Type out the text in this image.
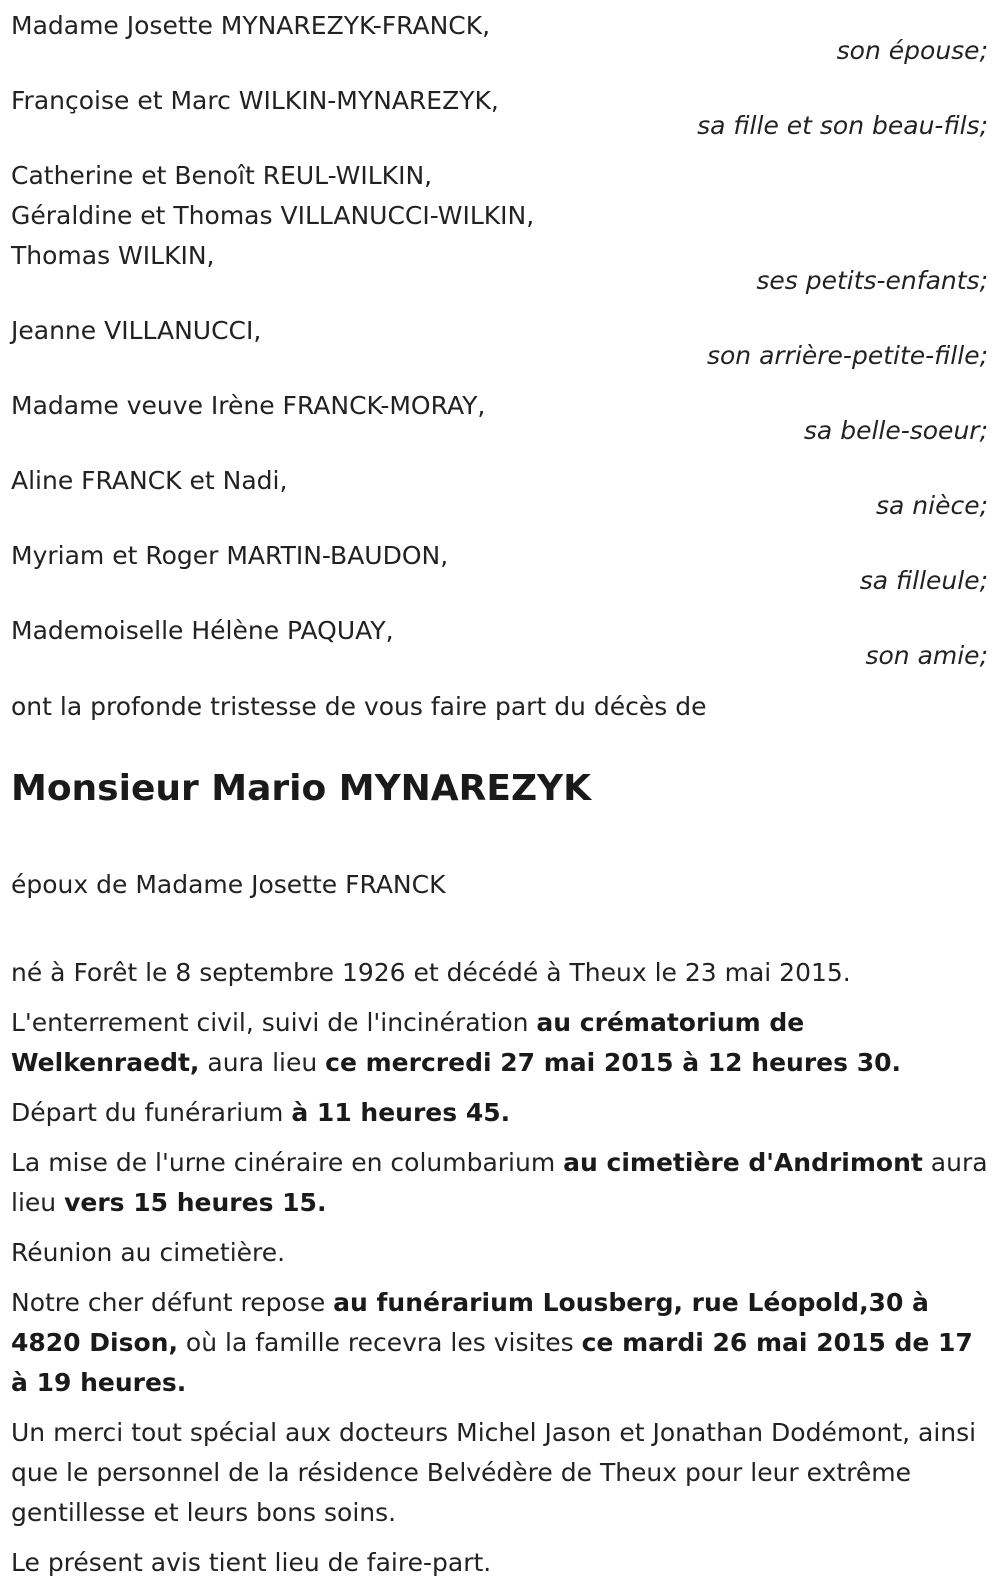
Madame Josette MYNAREZYK-FRANCK,
son épouse;
Françoise et Marc WILKIN-MYNAREZYK,
sa fille et son beau-fils;
Catherine et Benoît REUL-WILKIN,
Géraldine et Thomas VILLANUCCI-WILKIN,
Thomas WILKIN,
ses petits-enfants;
Jeanne VILLANUCCI,
son arrière-petite-fille;
Madame veuve Irène FRANCK-MORAY,
sa belle-soeur;
Aline FRANCK et Nadi,
sa nièce;
Myriam et Roger MARTIN-BAUDON,
sa filleule;
Mademoiselle Hélène PAQUAY,
son amie;
ont la profonde tristesse de vous faire part du décès de
Monsieur Mario MYNAREZYK
époux de Madame Josette FRANCK
né à Forêt le 8 septembre 1926 et décédé à Theux le 23 mai 2015.
L'enterrement civil, suivi de l'incinération au crématorium de Welkenraedt, aura lieu ce mercredi 27 mai 2015 à 12 heures 30.
Départ du funérarium à 11 heures 45.
La mise de l'urne cinéraire en columbarium au cimetière d'Andrimont aura lieu vers 15 heures 15.
Réunion au cimetière.
Notre cher défunt repose au funérarium Lousberg, rue Léopold,30 à 4820 Dison, où la famille recevra les visites ce mardi 26 mai 2015 de 17 à 19 heures.
Un merci tout spécial aux docteurs Michel Jason et Jonathan Dodémont, ainsi que le personnel de la résidence Belvédère de Theux pour leur extrême gentillesse et leurs bons soins.
Le présent avis tient lieu de faire-part.
